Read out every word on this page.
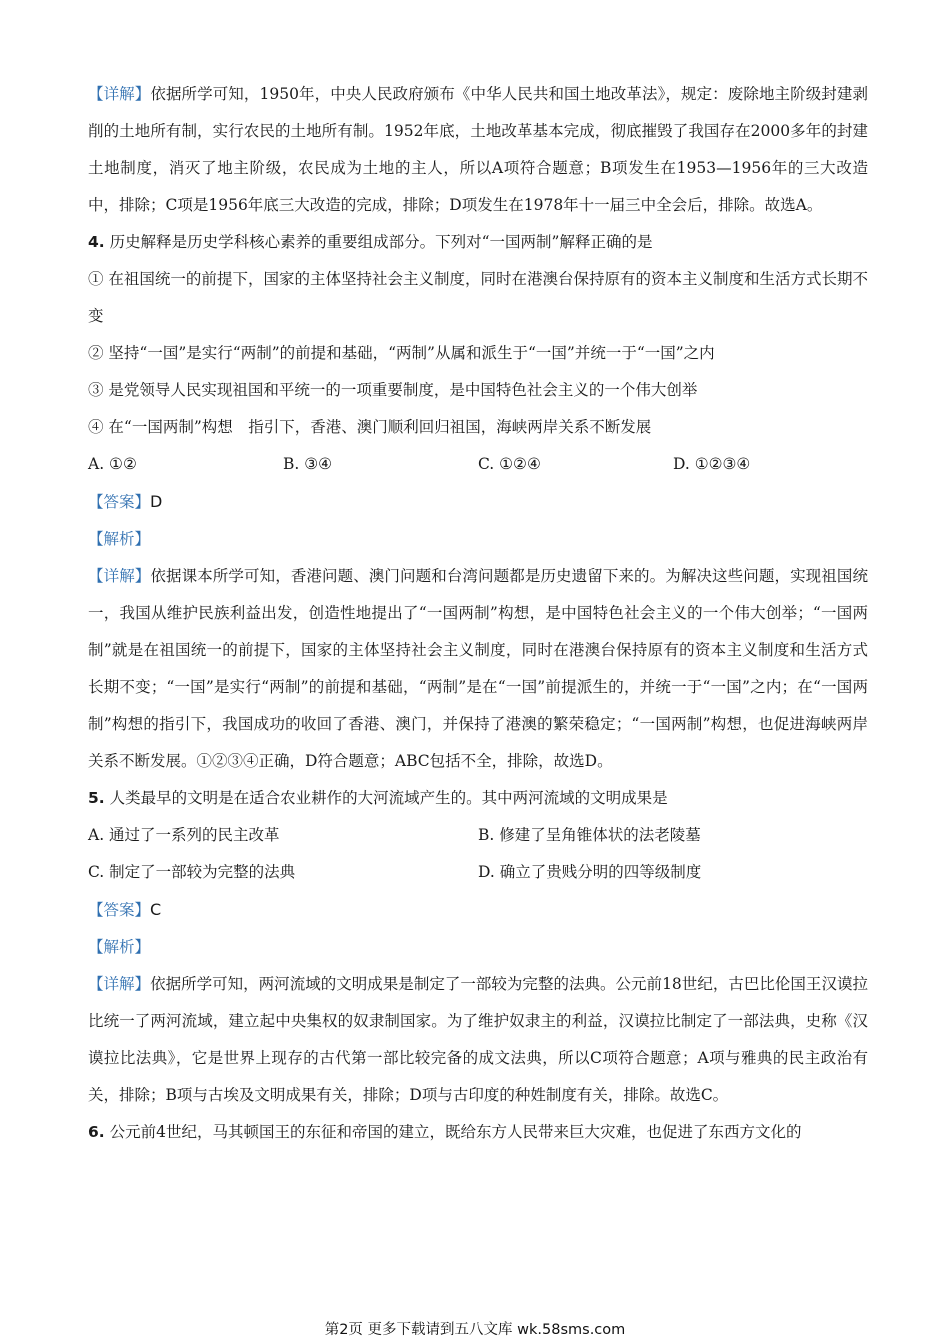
【详解】依据所学可知，1950年，中央人民政府颁布《中华人民共和国土地改革法》，规定：废除地主阶级封建剥削的土地所有制，实行农民的土地所有制。1952年底，土地改革基本完成，彻底摧毁了我国存在2000多年的封建土地制度，消灭了地主阶级，农民成为土地的主人，所以A项符合题意；B项发生在1953—1956年的三大改造中，排除；C项是1956年底三大改造的完成，排除；D项发生在1978年十一届三中全会后，排除。故选A。
4. 历史解释是历史学科核心素养的重要组成部分。下列对“一国两制”解释正确的是
① 在祖国统一的前提下，国家的主体坚持社会主义制度，同时在港澳台保持原有的资本主义制度和生活方式长期不变
② 坚持“一国”是实行“两制”的前提和基础，“两制”从属和派生于“一国”并统一于“一国”之内
③ 是党领导人民实现祖国和平统一的一项重要制度，是中国特色社会主义的一个伟大创举
④ 在“一国两制”构想　指引下，香港、澳门顺利回归祖国，海峡两岸关系不断发展
A. ①②	B. ③④	C. ①②④	D. ①②③④
【答案】D
【解析】
【详解】依据课本所学可知，香港问题、澳门问题和台湾问题都是历史遗留下来的。为解决这些问题，实现祖国统一，我国从维护民族利益出发，创造性地提出了“一国两制”构想，是中国特色社会主义的一个伟大创举；“一国两制”就是在祖国统一的前提下，国家的主体坚持社会主义制度，同时在港澳台保持原有的资本主义制度和生活方式长期不变；“一国”是实行“两制”的前提和基础，“两制”是在“一国”前提派生的，并统一于“一国”之内；在“一国两制”构想的指引下，我国成功的收回了香港、澳门，并保持了港澳的繁荣稳定；“一国两制”构想，也促进海峡两岸关系不断发展。①②③④正确，D符合题意；ABC包括不全，排除，故选D。
5. 人类最早的文明是在适合农业耕作的大河流域产生的。其中两河流域的文明成果是
A. 通过了一系列的民主改革	B. 修建了呈角锥体状的法老陵墓
C. 制定了一部较为完整的法典	D. 确立了贵贱分明的四等级制度
【答案】C
【解析】
【详解】依据所学可知，两河流域的文明成果是制定了一部较为完整的法典。公元前18世纪，古巴比伦国王汉谟拉比统一了两河流域，建立起中央集权的奴隶制国家。为了维护奴隶主的利益，汉谟拉比制定了一部法典，史称《汉谟拉比法典》，它是世界上现存的古代第一部比较完备的成文法典，所以C项符合题意；A项与雅典的民主政治有关，排除；B项与古埃及文明成果有关，排除；D项与古印度的种姓制度有关，排除。故选C。
6. 公元前4世纪，马其顿国王的东征和帝国的建立，既给东方人民带来巨大灾难，也促进了东西方文化的
第2页 更多下载请到五八文库 wk.58sms.com
